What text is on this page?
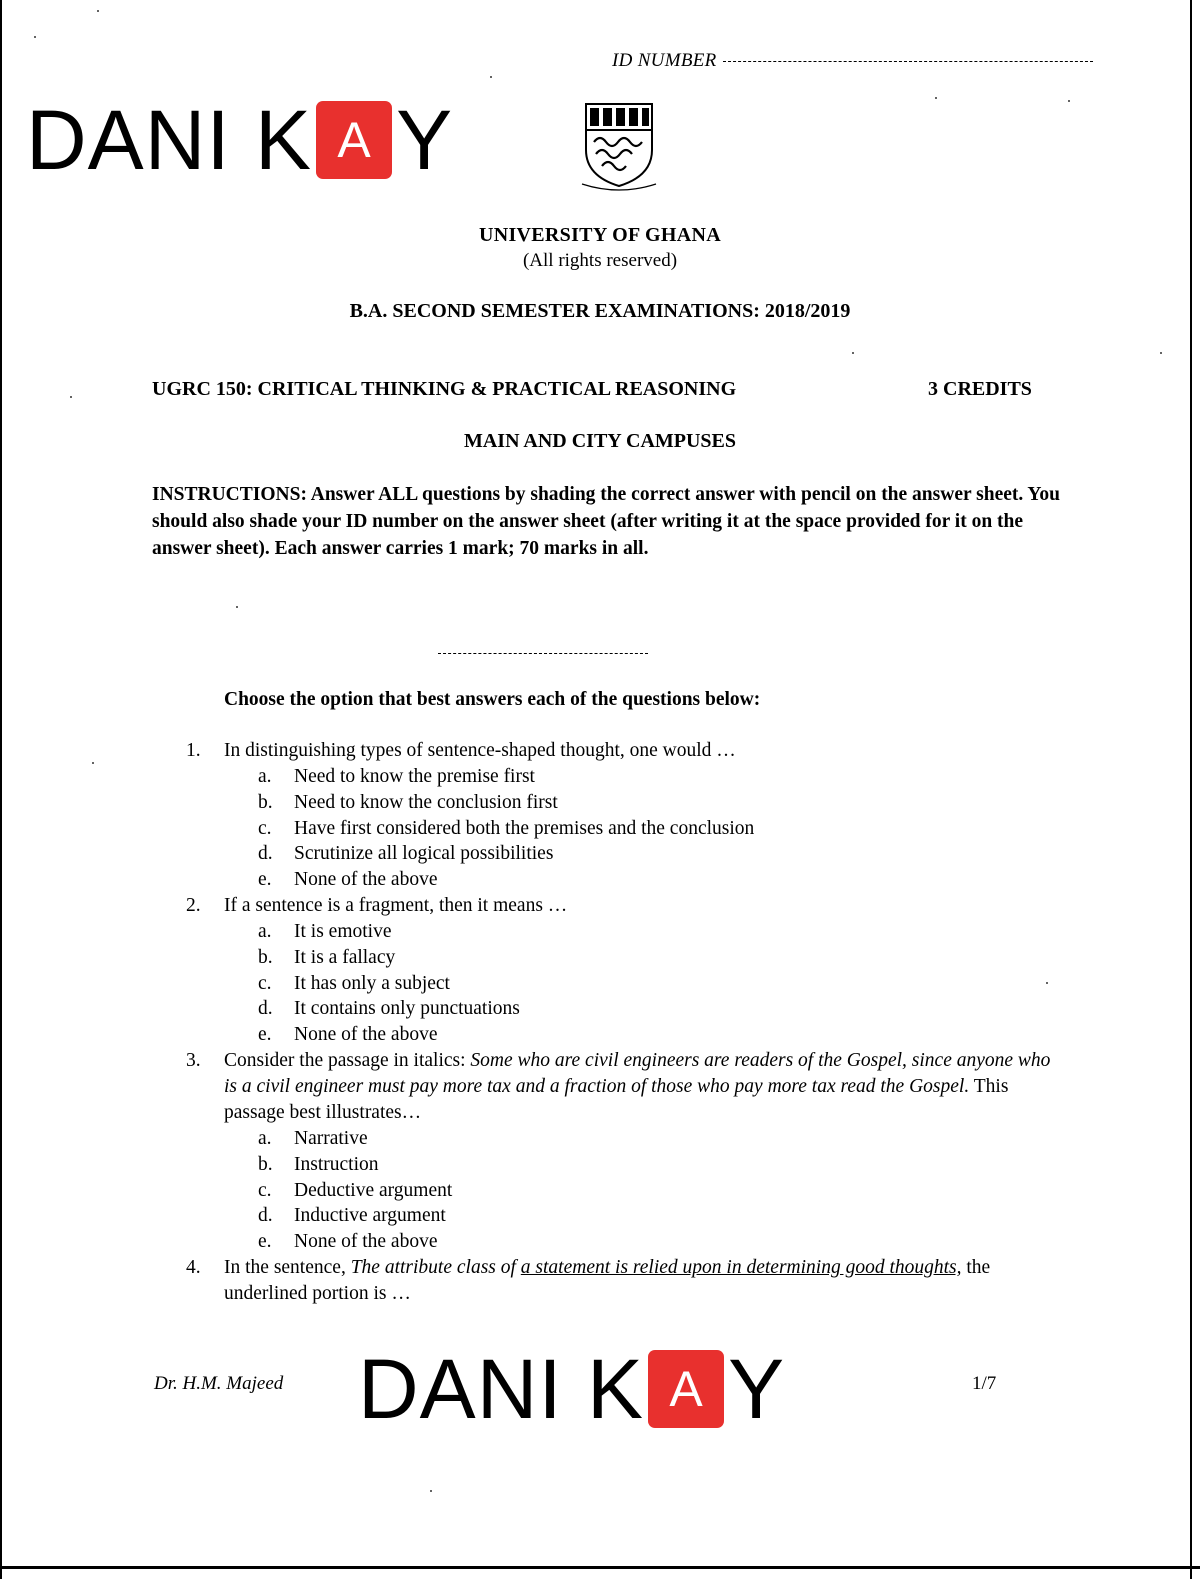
ID NUMBER
DANI K A Y
UNIVERSITY OF GHANA
(All rights reserved)
B.A. SECOND SEMESTER EXAMINATIONS: 2018/2019
UGRC 150: CRITICAL THINKING & PRACTICAL REASONING	3 CREDITS
MAIN AND CITY CAMPUSES
INSTRUCTIONS: Answer ALL questions by shading the correct answer with pencil on the answer sheet. You should also shade your ID number on the answer sheet (after writing it at the space provided for it on the answer sheet). Each answer carries 1 mark; 70 marks in all.
Choose the option that best answers each of the questions below:
1. In distinguishing types of sentence-shaped thought, one would …
a. Need to know the premise first
b. Need to know the conclusion first
c. Have first considered both the premises and the conclusion
d. Scrutinize all logical possibilities
e. None of the above
2. If a sentence is a fragment, then it means …
a. It is emotive
b. It is a fallacy
c. It has only a subject
d. It contains only punctuations
e. None of the above
3. Consider the passage in italics: Some who are civil engineers are readers of the Gospel, since anyone who is a civil engineer must pay more tax and a fraction of those who pay more tax read the Gospel. This passage best illustrates…
a. Narrative
b. Instruction
c. Deductive argument
d. Inductive argument
e. None of the above
4. In the sentence, The attribute class of a statement is relied upon in determining good thoughts, the underlined portion is …
Dr. H.M. Majeed DANI K A Y	1/7
